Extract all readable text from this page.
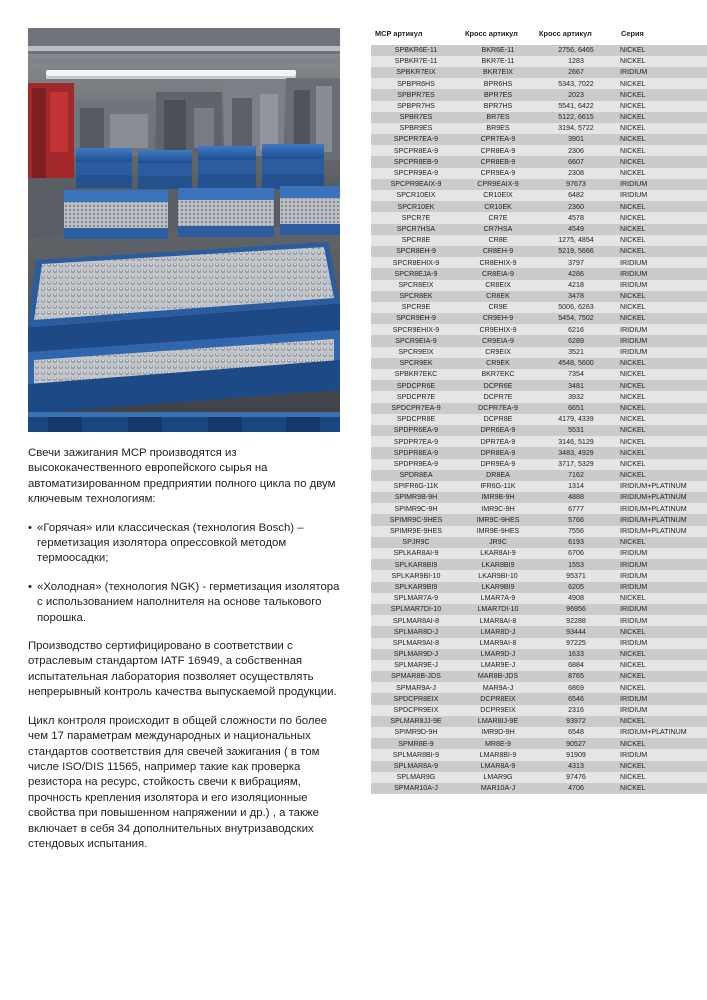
Свечи зажигания MCP производятся из высококачественного европейского сырья на автоматизированном предприятии полного цикла по двум ключевым технологиям:

• «Горячая» или классическая (технология Bosch) – герметизация изолятора опрессовкой методом термоосадки;

• «Холодная» (технология NGK) - герметизация изолятора с использованием наполнителя на основе талькового порошка.

Производство сертифицировано в соответствии с отраслевым стандартом IATF 16949, а собственная испытательная лаборатория позволяет осуществлять непрерывный контроль качества выпускаемой продукции.

Цикл контроля происходит в общей сложности по более чем 17 параметрам международных и национальных стандартов соответствия для свечей зажигания ( в том числе ISO/DIS 11565, например такие как проверка резистора на ресурс, стойкость свечи к вибрациям, прочность крепления изолятора и его изоляционные свойства при повышенном напряжении и др.) , а также включает в себя 34 дополнительных внутризаводских стендовых испытания.

MCP артикул	Кросс артикул	Кросс артикул	Серия
SPBKR6E-11	BKR6E-11	2756, 6465	NICKEL
SPBKR7E-11	BKR7E-11	1283	NICKEL
SPBKR7EIX	BKR7EIX	2667	IRIDIUM
SPBPR6HS	BPR6HS	5343, 7022	NICKEL
SPBPR7ES	BPR7ES	2023	NICKEL
SPBPR7HS	BPR7HS	5541, 6422	NICKEL
SPBR7ES	BR7ES	5122, 6615	NICKEL
SPBR9ES	BR9ES	3194, 5722	NICKEL
SPCPR7EA-9	CPR7EA-9	3901	NICKEL
SPCPR8EA-9	CPR8EA-9	2306	NICKEL
SPCPR8EB-9	CPR8EB-9	6607	NICKEL
SPCPR9EA-9	CPR9EA-9	2308	NICKEL
SPCPR9EAIX-9	CPR9EAIX-9	97673	IRIDIUM
SPCR10EIX	CR10EIX	6482	IRIDIUM
SPCR10EK	CR10EK	2360	NICKEL
SPCR7E	CR7E	4578	NICKEL
SPCR7HSA	CR7HSA	4549	NICKEL
SPCR8E	CR8E	1275, 4854	NICKEL
SPCR8EH-9	CR8EH-9	5219, 5666	NICKEL
SPCR8EHIX-9	CR8EHIX-9	3797	IRIDIUM
SPCR8EJA-9	CR8EIA-9	4286	IRIDIUM
SPCR8EIX	CR8EIX	4218	IRIDIUM
SPCR8EK	CR8EK	3478	NICKEL
SPCR9E	CR9E	5006, 6263	NICKEL
SPCR9EH-9	CR9EH-9	5454, 7502	NICKEL
SPCR9EHIX-9	CR9EHIX-9	6216	IRIDIUM
SPCR9EIA-9	CR9EIA-9	6289	IRIDIUM
SPCR9EIX	CR9EIX	3521	IRIDIUM
SPCR9EK	CR9EK	4548, 5600	NICKEL
SPBKR7EKC	BKR7EKC	7354	NICKEL
SPDCPR6E	DCPR6E	3481	NICKEL
SPDCPR7E	DCPR7E	3932	NICKEL
SPDCPR7EA-9	DCPR7EA-9	6651	NICKEL
SPDCPR8E	DCPR8E	4179, 4339	NICKEL
SPDPR6EA-9	DPR6EA-9	5531	NICKEL
SPDPR7EA-9	DPR7EA-9	3146, 5129	NICKEL
SPDPR8EA-9	DPR8EA-9	3483, 4929	NICKEL
SPDPR9EA-9	DPR9EA-9	3717, 5329	NICKEL
SPDR8EA	DR8EA	7162	NICKEL
SPIFR6G-11K	IFR6G-11K	1314	IRIDIUM+PLATINUM
SPIMR9B-9H	IMR9B-9H	4888	IRIDIUM+PLATINUM
SPIMR9C-9H	IMR9C-9H	6777	IRIDIUM+PLATINUM
SPIMR9C-9HES	IMR9C-9HES	5766	IRIDIUM+PLATINUM
SPIMR9E-9HES	IMR9E-9HES	7556	IRIDIUM+PLATINUM
SPJR9C	JR9C	6193	NICKEL
SPLKAR8AI-9	LKAR8AI-9	6706	IRIDIUM
SPLKAR8BI9	LKAR8BI9	1553	IRIDIUM
SPLKAR9BI-10	LKAR9BI-10	95371	IRIDIUM
SPLKAR9BI9	LKAR9BI9	6205	IRIDIUM
SPLMAR7A-9	LMAR7A-9	4908	NICKEL
SPLMAR7DI-10	LMAR7DI-10	96956	IRIDIUM
SPLMAR8AI-8	LMAR8AI-8	92288	IRIDIUM
SPLMAR8D-J	LMAR8D-J	93444	NICKEL
SPLMAR9AI-8	LMAR9AI-8	97225	IRIDIUM
SPLMAR9D-J	LMAR9D-J	1633	NICKEL
SPLMAR9E-J	LMAR9E-J	6884	NICKEL
SPMAR8B-JDS	MAR8B-JDS	8765	NICKEL
SPMAR9A-J	MAR9A-J	6869	NICKEL
SPDCPR8EIX	DCPR8EIX	6546	IRIDIUM
SPDCPR9EIX	DCPR9EIX	2316	IRIDIUM
SPLMAR8JJ-9E	LMAR8IJ-9E	93972	NICKEL
SPIMR9D-9H	IMR9D-9H	6548	IRIDIUM+PLATINUM
SPMR8E-9	MR8E-9	90527	NICKEL
SPLMAR8BI-9	LMAR8BI-9	91909	IRIDIUM
SPLMAR8A-9	LMAR8A-9	4313	NICKEL
SPLMAR9G	LMAR9G	97476	NICKEL
SPMAR10A-J	MAR10A-J	4706	NICKEL
